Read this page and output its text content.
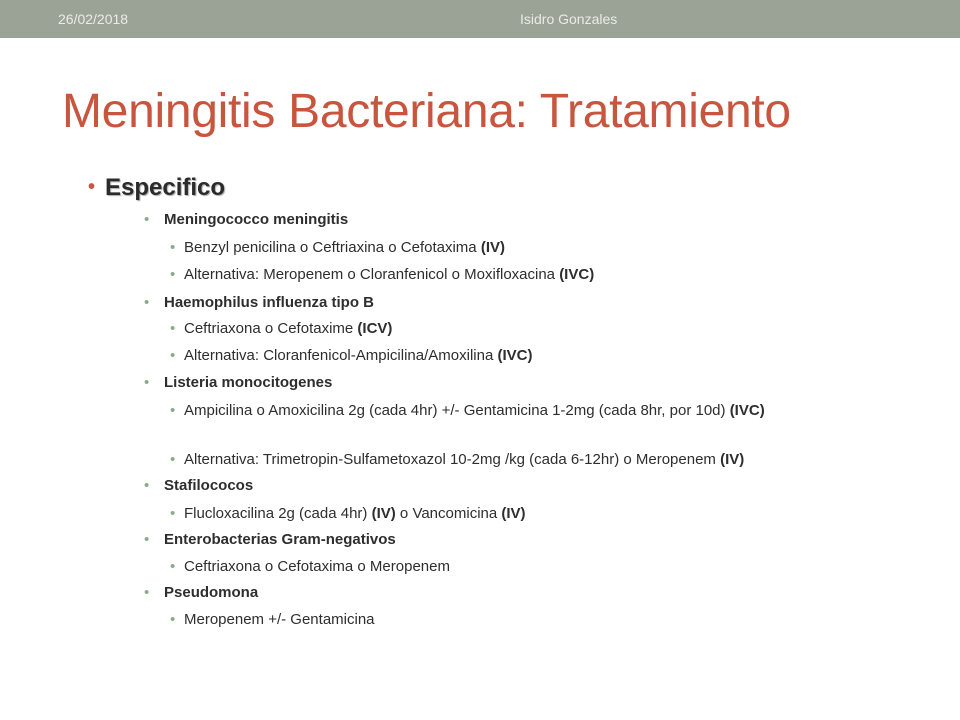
26/02/2018	Isidro Gonzales
Meningitis Bacteriana: Tratamiento
• Especifico
• Meningococco meningitis
• Benzyl penicilina o Ceftriaxina o Cefotaxima (IV)
• Alternativa: Meropenem o Cloranfenicol o Moxifloxacina (IVC)
• Haemophilus influenza tipo B
• Ceftriaxona o Cefotaxime (ICV)
• Alternativa: Cloranfenicol-Ampicilina/Amoxilina (IVC)
• Listeria monocitogenes
• Ampicilina o Amoxicilina 2g (cada 4hr) +/- Gentamicina 1-2mg (cada 8hr, por 10d) (IVC)
• Alternativa: Trimetropin-Sulfametoxazol 10-2mg /kg (cada 6-12hr) o Meropenem (IV)
• Stafilococos
• Flucloxacilina 2g (cada 4hr) (IV) o Vancomicina (IV)
• Enterobacterias Gram-negativos
• Ceftriaxona o Cefotaxima o Meropenem
• Pseudomona
• Meropenem +/- Gentamicina
